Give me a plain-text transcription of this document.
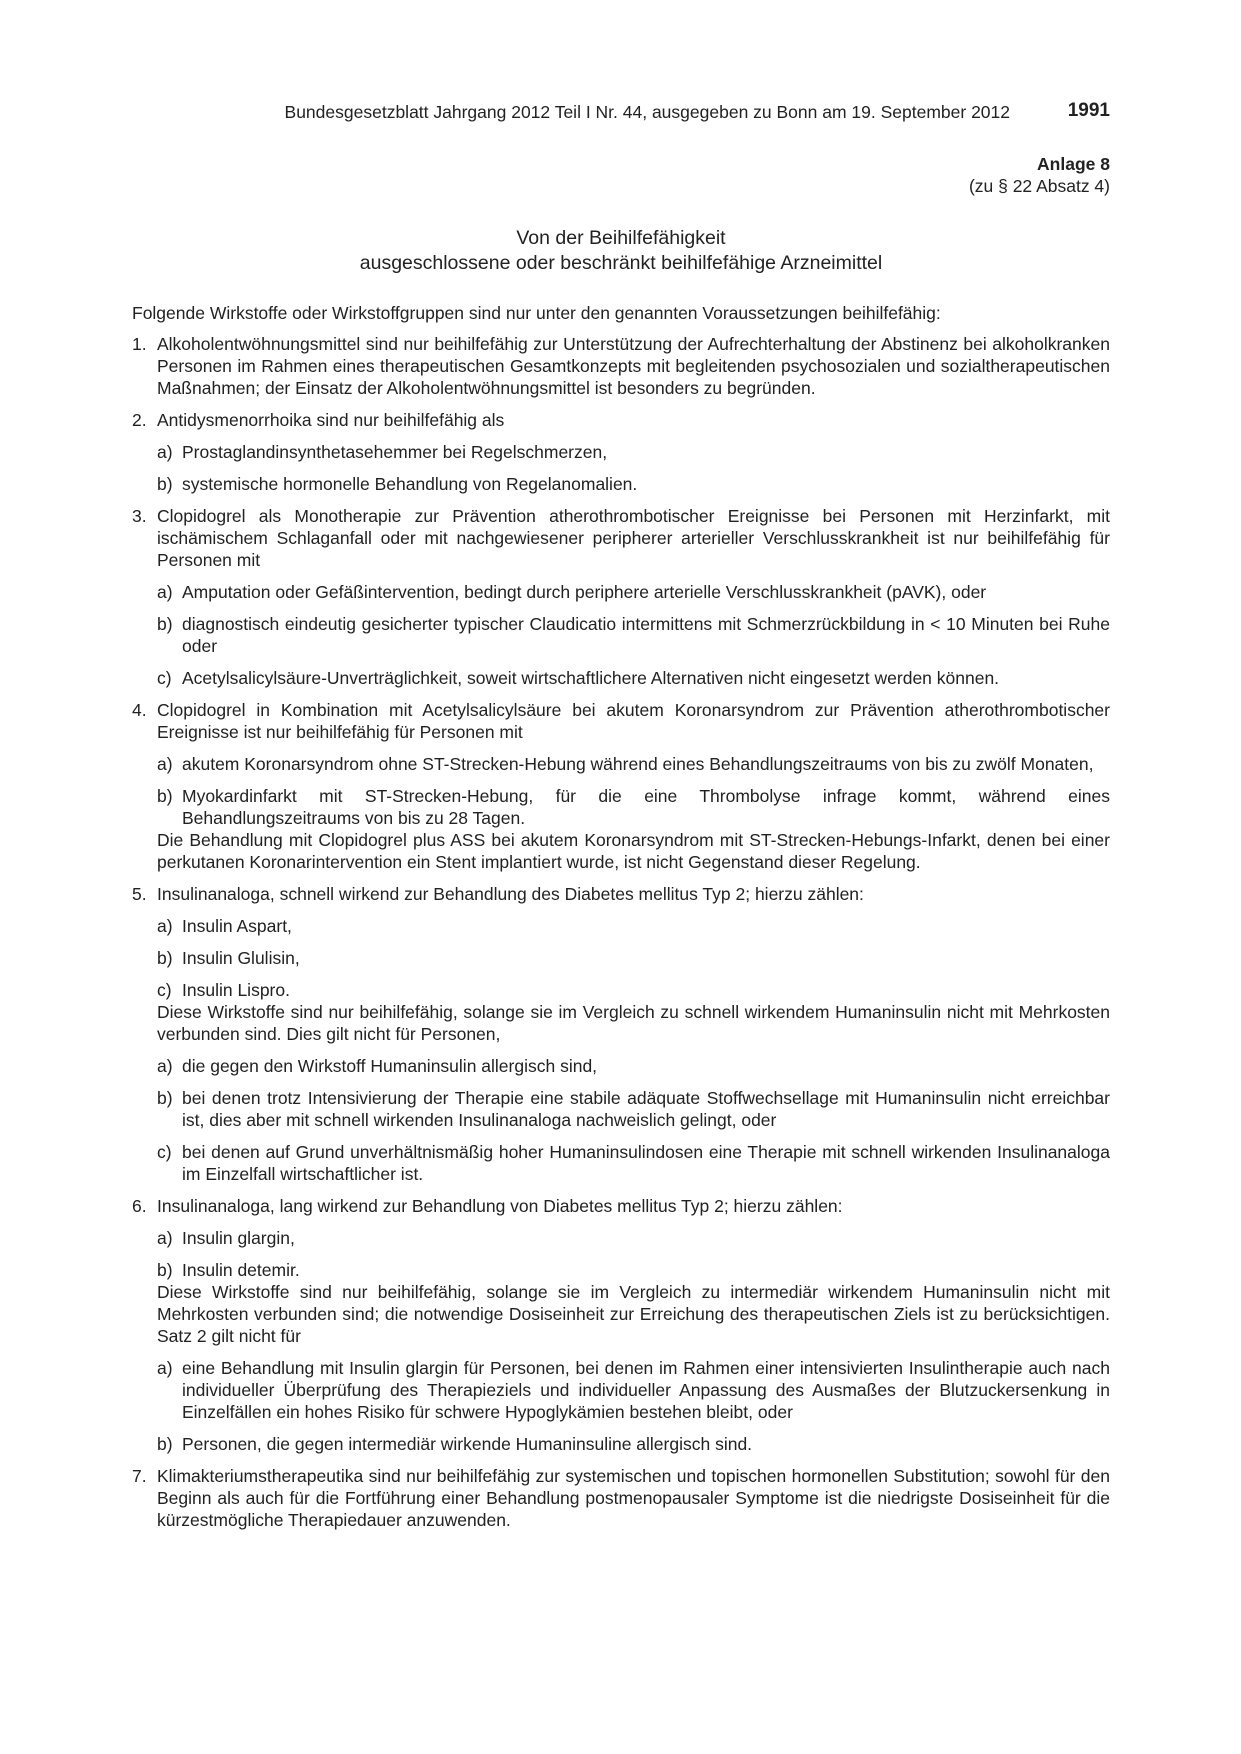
Bundesgesetzblatt Jahrgang 2012 Teil I Nr. 44, ausgegeben zu Bonn am 19. September 2012	1991
Anlage 8
(zu § 22 Absatz 4)
Von der Beihilfefähigkeit
ausgeschlossene oder beschränkt beihilfefähige Arzneimittel

Folgende Wirkstoffe oder Wirkstoffgruppen sind nur unter den genannten Voraussetzungen beihilfefähig:

1. Alkoholentwöhnungsmittel sind nur beihilfefähig zur Unterstützung der Aufrechterhaltung der Abstinenz bei alkoholkranken Personen im Rahmen eines therapeutischen Gesamtkonzepts mit begleitenden psychosozialen und sozialtherapeutischen Maßnahmen; der Einsatz der Alkoholentwöhnungsmittel ist besonders zu begründen.

2. Antidysmenorrhoika sind nur beihilfefähig als

a) Prostaglandinsynthetasehemmer bei Regelschmerzen,

b) systemische hormonelle Behandlung von Regelanomalien.

3. Clopidogrel als Monotherapie zur Prävention atherothrombotischer Ereignisse bei Personen mit Herzinfarkt, mit ischämischem Schlaganfall oder mit nachgewiesener peripherer arterieller Verschlusskrankheit ist nur beihilfefähig für Personen mit

a) Amputation oder Gefäßintervention, bedingt durch periphere arterielle Verschlusskrankheit (pAVK), oder

b) diagnostisch eindeutig gesicherter typischer Claudicatio intermittens mit Schmerzrückbildung in < 10 Minuten bei Ruhe oder

c) Acetylsalicylsäure-Unverträglichkeit, soweit wirtschaftlichere Alternativen nicht eingesetzt werden können.

4. Clopidogrel in Kombination mit Acetylsalicylsäure bei akutem Koronarsyndrom zur Prävention atherothrombotischer Ereignisse ist nur beihilfefähig für Personen mit

a) akutem Koronarsyndrom ohne ST-Strecken-Hebung während eines Behandlungszeitraums von bis zu zwölf Monaten,

b) Myokardinfarkt mit ST-Strecken-Hebung, für die eine Thrombolyse infrage kommt, während eines Behandlungszeitraums von bis zu 28 Tagen.

Die Behandlung mit Clopidogrel plus ASS bei akutem Koronarsyndrom mit ST-Strecken-Hebungs-Infarkt, denen bei einer perkutanen Koronarintervention ein Stent implantiert wurde, ist nicht Gegenstand dieser Regelung.

5. Insulinanaloga, schnell wirkend zur Behandlung des Diabetes mellitus Typ 2; hierzu zählen:

a) Insulin Aspart,

b) Insulin Glulisin,

c) Insulin Lispro.

Diese Wirkstoffe sind nur beihilfefähig, solange sie im Vergleich zu schnell wirkendem Humaninsulin nicht mit Mehrkosten verbunden sind. Dies gilt nicht für Personen,

a) die gegen den Wirkstoff Humaninsulin allergisch sind,

b) bei denen trotz Intensivierung der Therapie eine stabile adäquate Stoffwechsellage mit Humaninsulin nicht erreichbar ist, dies aber mit schnell wirkenden Insulinanaloga nachweislich gelingt, oder

c) bei denen auf Grund unverhältnismäßig hoher Humaninsulindosen eine Therapie mit schnell wirkenden Insulinanaloga im Einzelfall wirtschaftlicher ist.

6. Insulinanaloga, lang wirkend zur Behandlung von Diabetes mellitus Typ 2; hierzu zählen:

a) Insulin glargin,

b) Insulin detemir.

Diese Wirkstoffe sind nur beihilfefähig, solange sie im Vergleich zu intermediär wirkendem Humaninsulin nicht mit Mehrkosten verbunden sind; die notwendige Dosiseinheit zur Erreichung des therapeutischen Ziels ist zu berücksichtigen. Satz 2 gilt nicht für

a) eine Behandlung mit Insulin glargin für Personen, bei denen im Rahmen einer intensivierten Insulintherapie auch nach individueller Überprüfung des Therapieziels und individueller Anpassung des Ausmaßes der Blutzuckersenkung in Einzelfällen ein hohes Risiko für schwere Hypoglykämien bestehen bleibt, oder

b) Personen, die gegen intermediär wirkende Humaninsuline allergisch sind.

7. Klimakteriumstherapeutika sind nur beihilfefähig zur systemischen und topischen hormonellen Substitution; sowohl für den Beginn als auch für die Fortführung einer Behandlung postmenopausaler Symptome ist die niedrigste Dosiseinheit für die kürzestmögliche Therapiedauer anzuwenden.
